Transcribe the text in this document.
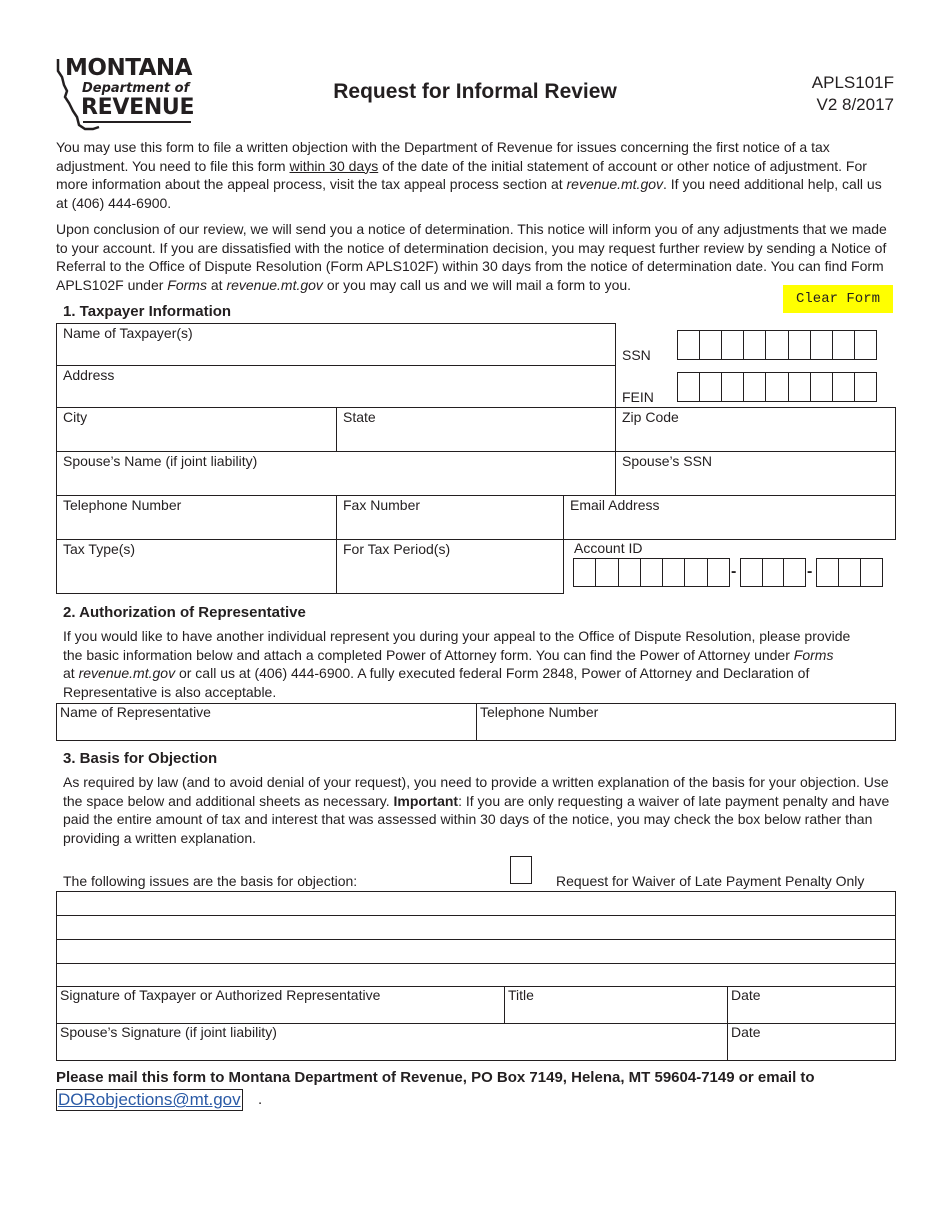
MONTANA
Department of
REVENUE
Request for Informal Review	APLS101F
V2 8/2017
You may use this form to file a written objection with the Department of Revenue for issues concerning the first notice of a tax adjustment. You need to file this form within 30 days of the date of the initial statement of account or other notice of adjustment. For more information about the appeal process, visit the tax appeal process section at revenue.mt.gov. If you need additional help, call us at (406) 444-6900.
Upon conclusion of our review, we will send you a notice of determination. This notice will inform you of any adjustments that we made to your account. If you are dissatisfied with the notice of determination decision, you may request further review by sending a Notice of Referral to the Office of Dispute Resolution (Form APLS102F) within 30 days from the notice of determination date. You can find Form APLS102F under Forms at revenue.mt.gov or you may call us and we will mail a form to you.
Clear Form
1. Taxpayer Information
Name of Taxpayer(s)
Address
SSN
FEIN
City	State	Zip Code
Spouse’s Name (if joint liability)	Spouse’s SSN
Telephone Number	Fax Number	Email Address
Tax Type(s)	For Tax Period(s)	Account ID
-	-
2. Authorization of Representative
If you would like to have another individual represent you during your appeal to the Office of Dispute Resolution, please provide the basic information below and attach a completed Power of Attorney form. You can find the Power of Attorney under Forms
at revenue.mt.gov or call us at (406) 444-6900. A fully executed federal Form 2848, Power of Attorney and Declaration of Representative is also acceptable.
Name of Representative	Telephone Number
3. Basis for Objection
As required by law (and to avoid denial of your request), you need to provide a written explanation of the basis for your objection. Use the space below and additional sheets as necessary. Important: If you are only requesting a waiver of late payment penalty and have paid the entire amount of tax and interest that was assessed within 30 days of the notice, you may check the box below rather than providing a written explanation.
The following issues are the basis for objection:	Request for Waiver of Late Payment Penalty Only
Signature of Taxpayer or Authorized Representative	Title	Date
Spouse’s Signature (if joint liability)	Date
Please mail this form to Montana Department of Revenue, PO Box 7149, Helena, MT 59604-7149 or email to
DORobjections@mt.gov .
